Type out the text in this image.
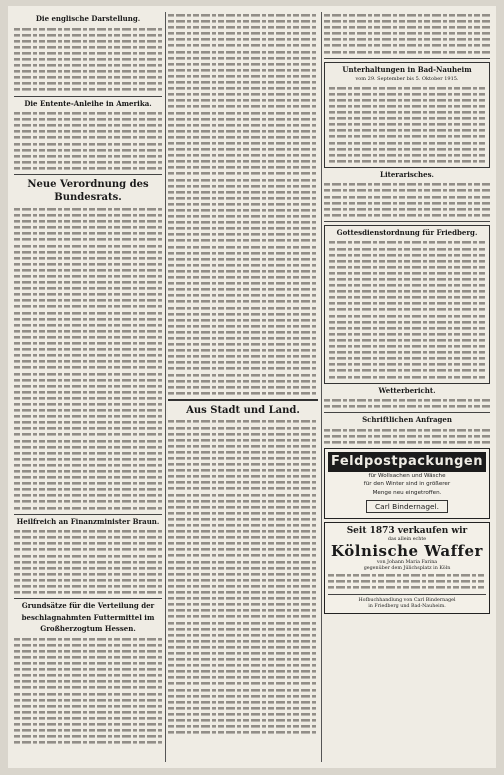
Die englische Darstellung.
Die Entente-Anleihe in Amerika.
Neue Verordnung des
Bundesrats.
Heilfreich an Finanzminister Braun.
Grundsätze für die Verteilung der
beschlagnahmten Futtermittel im
Großherzogtum Hessen.
Aus Stadt und Land.
Unterhaltungen in Bad-Nauheim
vom 29. September bis 5. Oktober 1915.
Literarisches.
Gottesdienstordnung für Friedberg.
Wetterbericht.
Schriftlichen Anfragen
Feldpostpackungen
für Wollsachen und Wäsche
für den Winter sind in größerer
Menge neu eingetroffen.
Carl Bindernagel.
Seit 1873 verkaufen wir
das allein echte
Kölnische Waffer
von Johann Maria Farina
gegenüber dem Jülichsplatz in Köln
Hofbuchhandlung von Carl Bindernagel
in Friedberg und Bad-Nauheim.
